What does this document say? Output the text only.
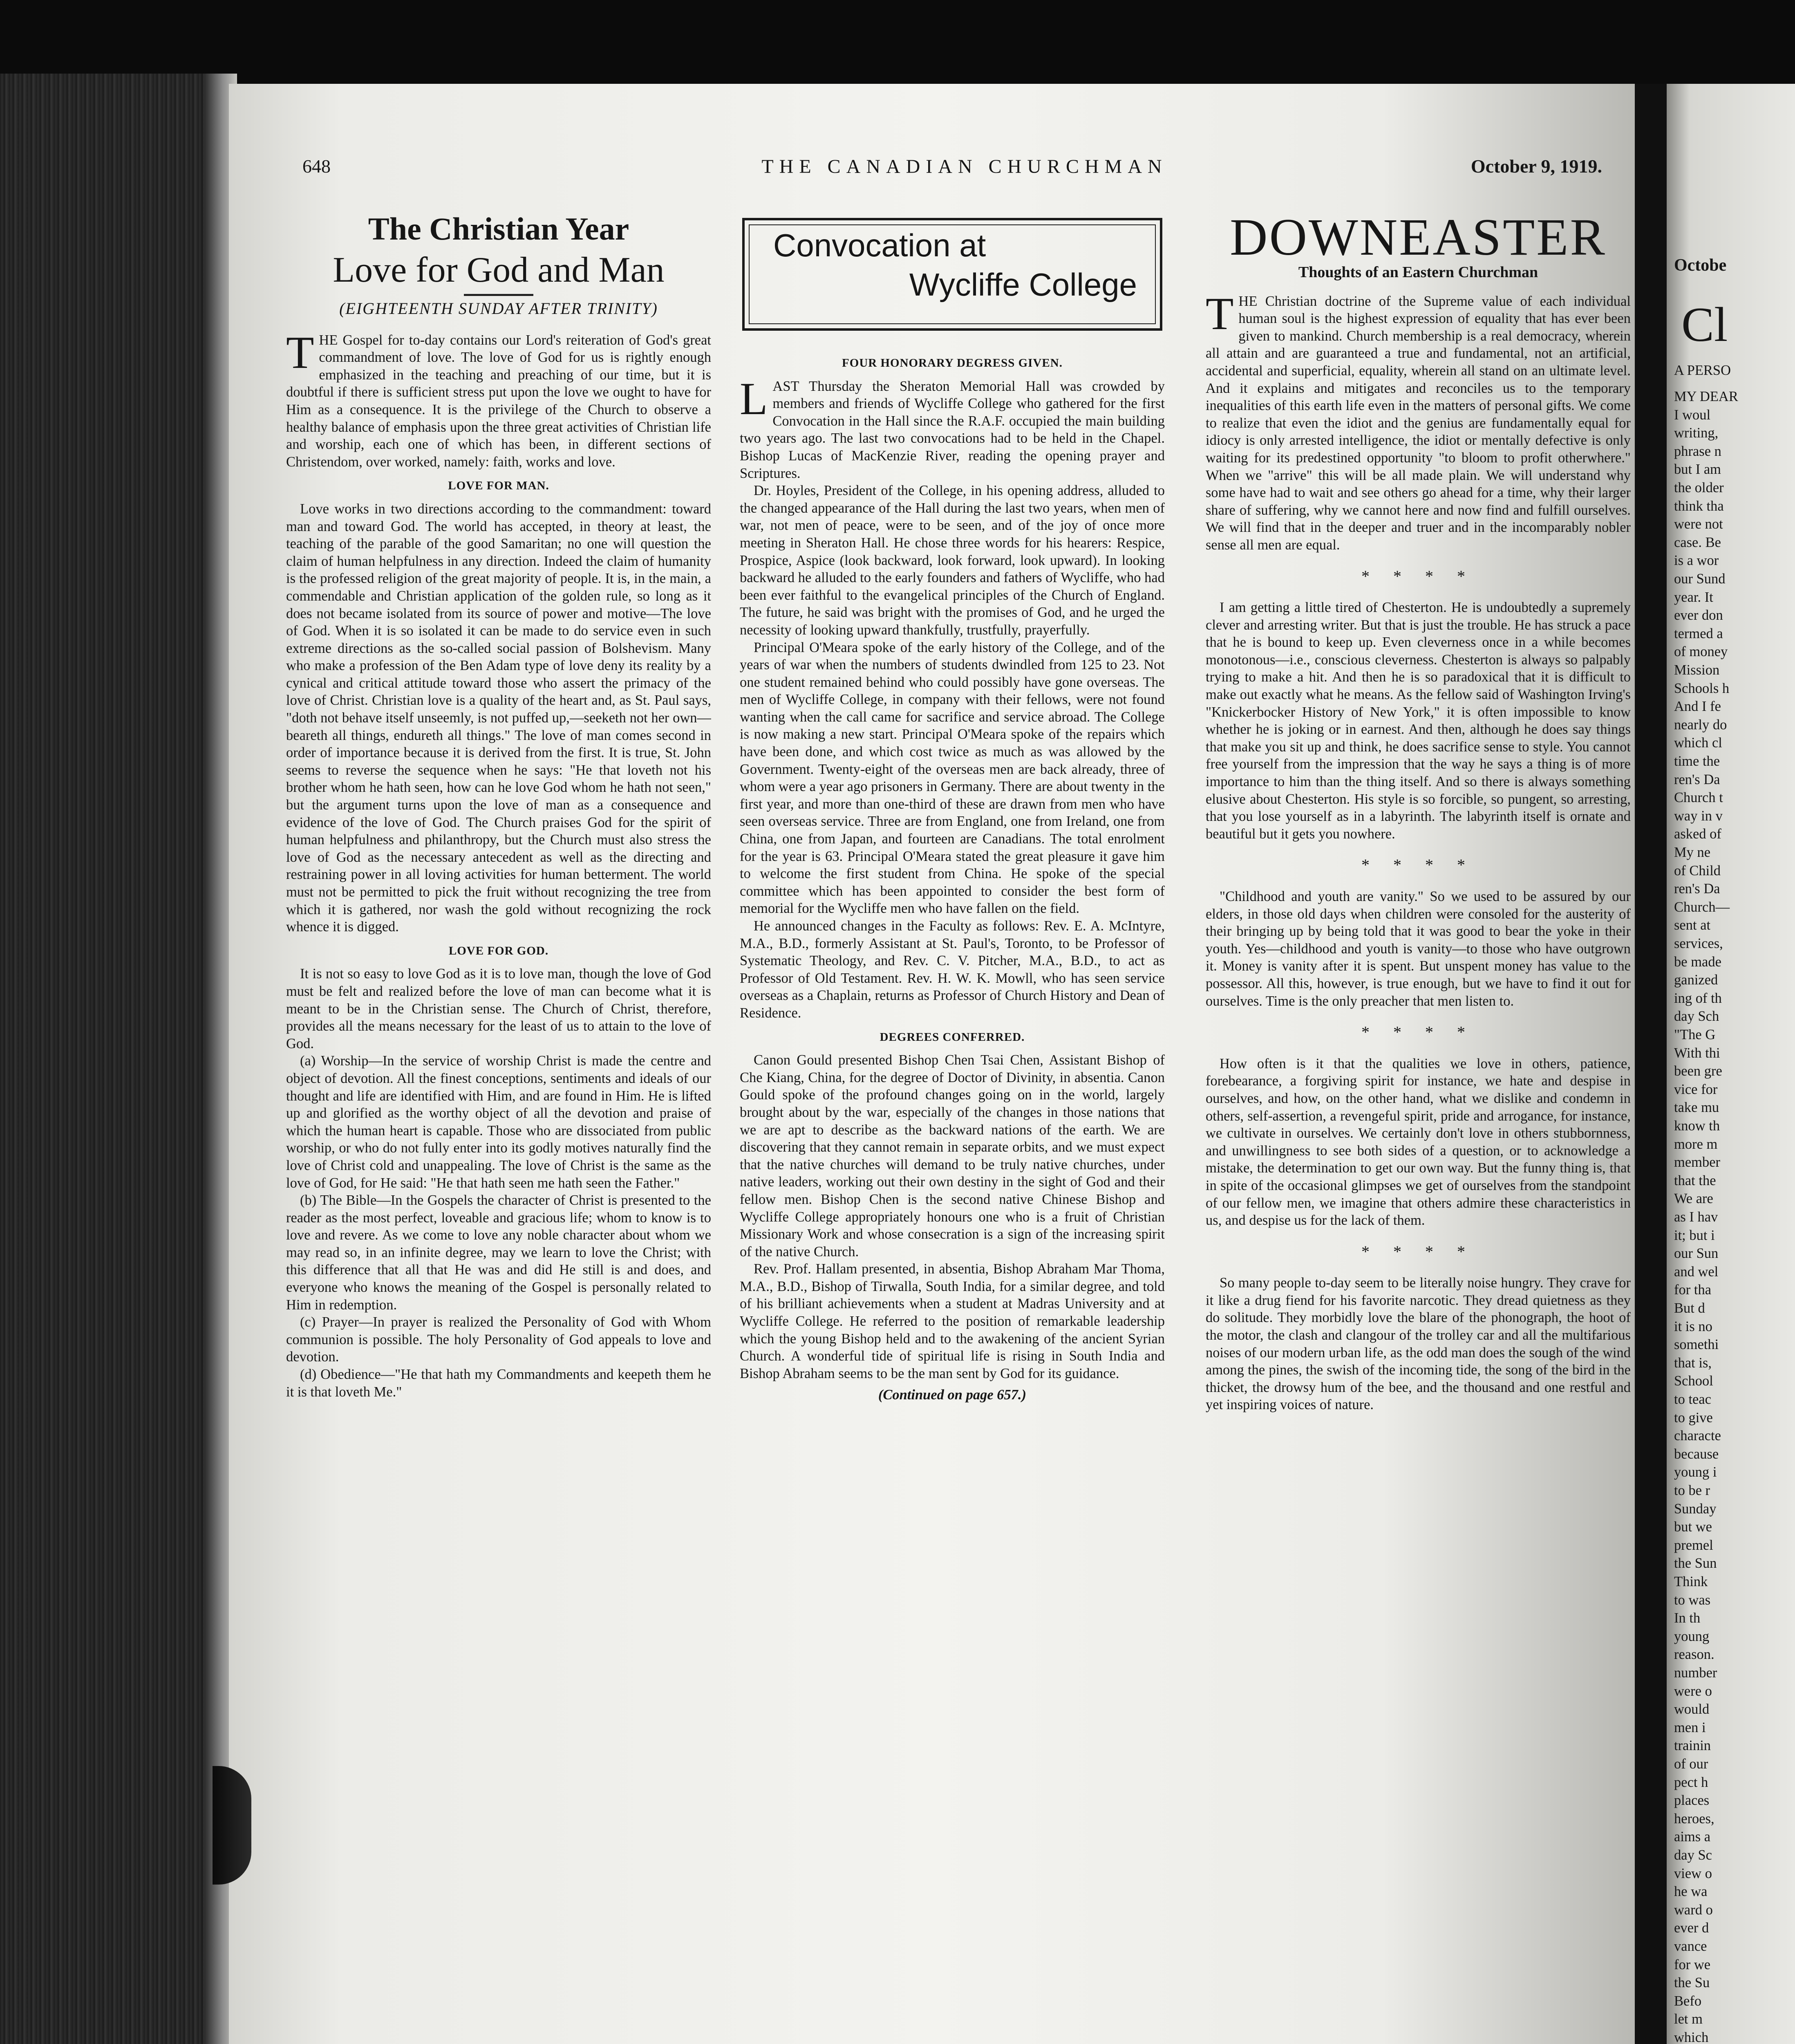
Octobe
Cl
A PERSO
MY DEAR
I woul
writing,
phrase n
but I am
the older
think tha
were not
case. Be
is a wor
our Sund
year. It
ever don
termed a
of money
Mission
Schools h
And I fe
nearly do
which cl
time the
ren's Da
Church t
way in v
asked of
My ne
of Child
ren's Da
Church—
sent at
services,
be made
ganized
ing of th
day Sch
"The G
With thi
been gre
vice for
take mu
know th
more m
member
that the
We are
as I hav
it; but i
our Sun
and wel
for tha
But d
it is no
somethi
that is,
School
to teac
to give
characte
because
young i
to be r
Sunday
but we
premel
the Sun
Think
to was
In th
young
reason.
number
were o
would
men i
trainin
of our
pect h
places
heroes,
aims a
day Sc
view o
he wa
ward o
ever d
vance
for we
the Su
Befo
let m
which
648	THE CANADIAN CHURCHMAN	October 9, 1919.
The Christian Year
Love for God and Man
(EIGHTEENTH SUNDAY AFTER TRINITY)

THE Gospel for to-day contains our Lord's reiteration of God's great commandment of love. The love of God for us is rightly enough emphasized in the teaching and preaching of our time, but it is doubtful if there is sufficient stress put upon the love we ought to have for Him as a consequence. It is the privilege of the Church to observe a healthy balance of emphasis upon the three great activities of Christian life and worship, each one of which has been, in different sections of Christendom, over worked, namely: faith, works and love.

LOVE FOR MAN.

Love works in two directions according to the commandment: toward man and toward God. The world has accepted, in theory at least, the teaching of the parable of the good Samaritan; no one will question the claim of human helpfulness in any direction. Indeed the claim of humanity is the professed religion of the great majority of people. It is, in the main, a commendable and Christian application of the golden rule, so long as it does not became isolated from its source of power and motive—The love of God. When it is so isolated it can be made to do service even in such extreme directions as the so-called social passion of Bolshevism. Many who make a profession of the Ben Adam type of love deny its reality by a cynical and critical attitude toward those who assert the primacy of the love of Christ. Christian love is a quality of the heart and, as St. Paul says, "doth not behave itself unseemly, is not puffed up,—seeketh not her own—beareth all things, endureth all things." The love of man comes second in order of importance because it is derived from the first. It is true, St. John seems to reverse the sequence when he says: "He that loveth not his brother whom he hath seen, how can he love God whom he hath not seen," but the argument turns upon the love of man as a consequence and evidence of the love of God. The Church praises God for the spirit of human helpfulness and philanthropy, but the Church must also stress the love of God as the necessary antecedent as well as the directing and restraining power in all loving activities for human betterment. The world must not be permitted to pick the fruit without recognizing the tree from which it is gathered, nor wash the gold without recognizing the rock whence it is digged.

LOVE FOR GOD.

It is not so easy to love God as it is to love man, though the love of God must be felt and realized before the love of man can become what it is meant to be in the Christian sense. The Church of Christ, therefore, provides all the means necessary for the least of us to attain to the love of God.

(a) Worship—In the service of worship Christ is made the centre and object of devotion. All the finest conceptions, sentiments and ideals of our thought and life are identified with Him, and are found in Him. He is lifted up and glorified as the worthy object of all the devotion and praise of which the human heart is capable. Those who are dissociated from public worship, or who do not fully enter into its godly motives naturally find the love of Christ cold and unappealing. The love of Christ is the same as the love of God, for He said: "He that hath seen me hath seen the Father."

(b) The Bible—In the Gospels the character of Christ is presented to the reader as the most perfect, loveable and gracious life; whom to know is to love and revere. As we come to love any noble character about whom we may read so, in an infinite degree, may we learn to love the Christ; with this difference that all that He was and did He still is and does, and everyone who knows the meaning of the Gospel is personally related to Him in redemption.

(c) Prayer—In prayer is realized the Personality of God with Whom communion is possible. The holy Personality of God appeals to love and devotion.

(d) Obedience—"He that hath my Commandments and keepeth them he it is that loveth Me."

Convocation at
Wycliffe College
FOUR HONORARY DEGRESS GIVEN.

LAST Thursday the Sheraton Memorial Hall was crowded by members and friends of Wycliffe College who gathered for the first Convocation in the Hall since the R.A.F. occupied the main building two years ago. The last two convocations had to be held in the Chapel. Bishop Lucas of MacKenzie River, reading the opening prayer and Scriptures.

Dr. Hoyles, President of the College, in his opening address, alluded to the changed appearance of the Hall during the last two years, when men of war, not men of peace, were to be seen, and of the joy of once more meeting in Sheraton Hall. He chose three words for his hearers: Respice, Prospice, Aspice (look backward, look forward, look upward). In looking backward he alluded to the early founders and fathers of Wycliffe, who had been ever faithful to the evangelical principles of the Church of England. The future, he said was bright with the promises of God, and he urged the necessity of looking upward thankfully, trustfully, prayerfully.

Principal O'Meara spoke of the early history of the College, and of the years of war when the numbers of students dwindled from 125 to 23. Not one student remained behind who could possibly have gone overseas. The men of Wycliffe College, in company with their fellows, were not found wanting when the call came for sacrifice and service abroad. The College is now making a new start. Principal O'Meara spoke of the repairs which have been done, and which cost twice as much as was allowed by the Government. Twenty-eight of the overseas men are back already, three of whom were a year ago prisoners in Germany. There are about twenty in the first year, and more than one-third of these are drawn from men who have seen overseas service. Three are from England, one from Ireland, one from China, one from Japan, and fourteen are Canadians. The total enrolment for the year is 63. Principal O'Meara stated the great pleasure it gave him to welcome the first student from China. He spoke of the special committee which has been appointed to consider the best form of memorial for the Wycliffe men who have fallen on the field.

He announced changes in the Faculty as follows: Rev. E. A. McIntyre, M.A., B.D., formerly Assistant at St. Paul's, Toronto, to be Professor of Systematic Theology, and Rev. C. V. Pitcher, M.A., B.D., to act as Professor of Old Testament. Rev. H. W. K. Mowll, who has seen service overseas as a Chaplain, returns as Professor of Church History and Dean of Residence.

DEGREES CONFERRED.

Canon Gould presented Bishop Chen Tsai Chen, Assistant Bishop of Che Kiang, China, for the degree of Doctor of Divinity, in absentia. Canon Gould spoke of the profound changes going on in the world, largely brought about by the war, especially of the changes in those nations that we are apt to describe as the backward nations of the earth. We are discovering that they cannot remain in separate orbits, and we must expect that the native churches will demand to be truly native churches, under native leaders, working out their own destiny in the sight of God and their fellow men. Bishop Chen is the second native Chinese Bishop and Wycliffe College appropriately honours one who is a fruit of Christian Missionary Work and whose consecration is a sign of the increasing spirit of the native Church.

Rev. Prof. Hallam presented, in absentia, Bishop Abraham Mar Thoma, M.A., B.D., Bishop of Tirwalla, South India, for a similar degree, and told of his brilliant achievements when a student at Madras University and at Wycliffe College. He referred to the position of remarkable leadership which the young Bishop held and to the awakening of the ancient Syrian Church. A wonderful tide of spiritual life is rising in South India and Bishop Abraham seems to be the man sent by God for its guidance.

(Continued on page 657.)
DOWNEASTER
Thoughts of an Eastern Churchman

THE Christian doctrine of the Supreme value of each individual human soul is the highest expression of equality that has ever been given to mankind. Church membership is a real democracy, wherein all attain and are guaranteed a true and fundamental, not an artificial, accidental and superficial, equality, wherein all stand on an ultimate level. And it explains and mitigates and reconciles us to the temporary inequalities of this earth life even in the matters of personal gifts. We come to realize that even the idiot and the genius are fundamentally equal for idiocy is only arrested intelligence, the idiot or mentally defective is only waiting for its predestined opportunity "to bloom to profit otherwhere." When we "arrive" this will be all made plain. We will understand why some have had to wait and see others go ahead for a time, why their larger share of suffering, why we cannot here and now find and fulfill ourselves. We will find that in the deeper and truer and in the incomparably nobler sense all men are equal.

* * * *

I am getting a little tired of Chesterton. He is undoubtedly a supremely clever and arresting writer. But that is just the trouble. He has struck a pace that he is bound to keep up. Even cleverness once in a while becomes monotonous—i.e., conscious cleverness. Chesterton is always so palpably trying to make a hit. And then he is so paradoxical that it is difficult to make out exactly what he means. As the fellow said of Washington Irving's "Knickerbocker History of New York," it is often impossible to know whether he is joking or in earnest. And then, although he does say things that make you sit up and think, he does sacrifice sense to style. You cannot free yourself from the impression that the way he says a thing is of more importance to him than the thing itself. And so there is always something elusive about Chesterton. His style is so forcible, so pungent, so arresting, that you lose yourself as in a labyrinth. The labyrinth itself is ornate and beautiful but it gets you nowhere.

* * * *

"Childhood and youth are vanity." So we used to be assured by our elders, in those old days when children were consoled for the austerity of their bringing up by being told that it was good to bear the yoke in their youth. Yes—childhood and youth is vanity—to those who have outgrown it. Money is vanity after it is spent. But unspent money has value to the possessor. All this, however, is true enough, but we have to find it out for ourselves. Time is the only preacher that men listen to.

* * * *

How often is it that the qualities we love in others, patience, forebearance, a forgiving spirit for instance, we hate and despise in ourselves, and how, on the other hand, what we dislike and condemn in others, self-assertion, a revengeful spirit, pride and arrogance, for instance, we cultivate in ourselves. We certainly don't love in others stubbornness, and unwillingness to see both sides of a question, or to acknowledge a mistake, the determination to get our own way. But the funny thing is, that in spite of the occasional glimpses we get of ourselves from the standpoint of our fellow men, we imagine that others admire these characteristics in us, and despise us for the lack of them.

* * * *

So many people to-day seem to be literally noise hungry. They crave for it like a drug fiend for his favorite narcotic. They dread quietness as they do solitude. They morbidly love the blare of the phonograph, the hoot of the motor, the clash and clangour of the trolley car and all the multifarious noises of our modern urban life, as the odd man does the sough of the wind among the pines, the swish of the incoming tide, the song of the bird in the thicket, the drowsy hum of the bee, and the thousand and one restful and yet inspiring voices of nature.
